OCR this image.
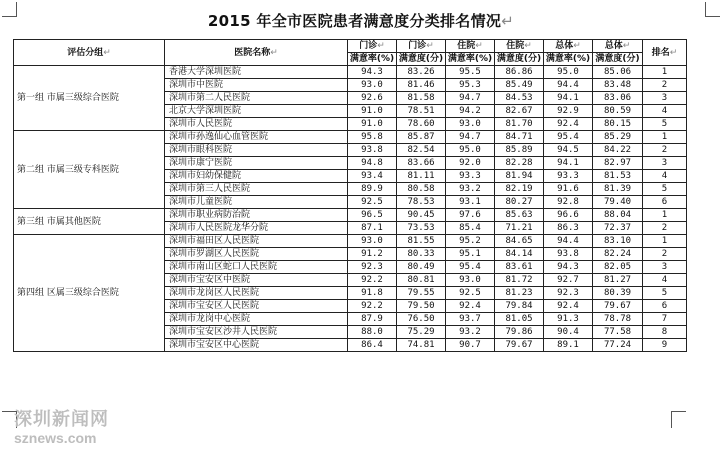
2015 年全市医院患者满意度分类排名情况↵
评估分组↵	医院名称↵	门诊↵	门诊↵	住院↵	住院↵	总体↵	总体↵	排名↵
		满意率(%)	满意度(分)	满意率(%)	满意度(分)	满意率(%)	满意度(分)	
第一组 市属三级综合医院	香港大学深圳医院	94.3	83.26	95.5	86.86	95.0	85.06	1
	深圳市中医院	93.0	81.46	95.3	85.49	94.4	83.48	2
	深圳市第二人民医院	92.6	81.58	94.7	84.53	94.1	83.06	3
	北京大学深圳医院	91.0	78.51	94.2	82.67	92.9	80.59	4
	深圳市人民医院	91.0	78.60	93.0	81.70	92.4	80.15	5
第二组 市属三级专科医院	深圳市孙逸仙心血管医院	95.8	85.87	94.7	84.71	95.4	85.29	1
	深圳市眼科医院	93.8	82.54	95.0	85.89	94.5	84.22	2
	深圳市康宁医院	94.8	83.66	92.0	82.28	94.1	82.97	3
	深圳市妇幼保健院	93.4	81.11	93.3	81.94	93.3	81.53	4
	深圳市第三人民医院	89.9	80.58	93.2	82.19	91.6	81.39	5
	深圳市儿童医院	92.5	78.53	93.1	80.27	92.8	79.40	6
第三组 市属其他医院	深圳市职业病防治院	96.5	90.45	97.6	85.63	96.6	88.04	1
	深圳市人民医院龙华分院	87.1	73.53	85.4	71.21	86.3	72.37	2
第四组 区属三级综合医院	深圳市福田区人民医院	93.0	81.55	95.2	84.65	94.4	83.10	1
	深圳市罗湖区人民医院	91.2	80.33	95.1	84.14	93.8	82.24	2
	深圳市南山区蛇口人民医院	92.3	80.49	95.4	83.61	94.3	82.05	3
	深圳市宝安区中医院	92.2	80.81	93.0	81.72	92.7	81.27	4
	深圳市龙岗区人民医院	91.8	79.55	92.5	81.23	92.3	80.39	5
	深圳市宝安区人民医院	92.2	79.50	92.4	79.84	92.4	79.67	6
	深圳市龙岗中心医院	87.9	76.50	93.7	81.05	91.3	78.78	7
	深圳市宝安区沙井人民医院	88.0	75.29	93.2	79.86	90.4	77.58	8
	深圳市宝安区中心医院	86.4	74.81	90.7	79.67	89.1	77.24	9
深圳新闻网
sznews.com
